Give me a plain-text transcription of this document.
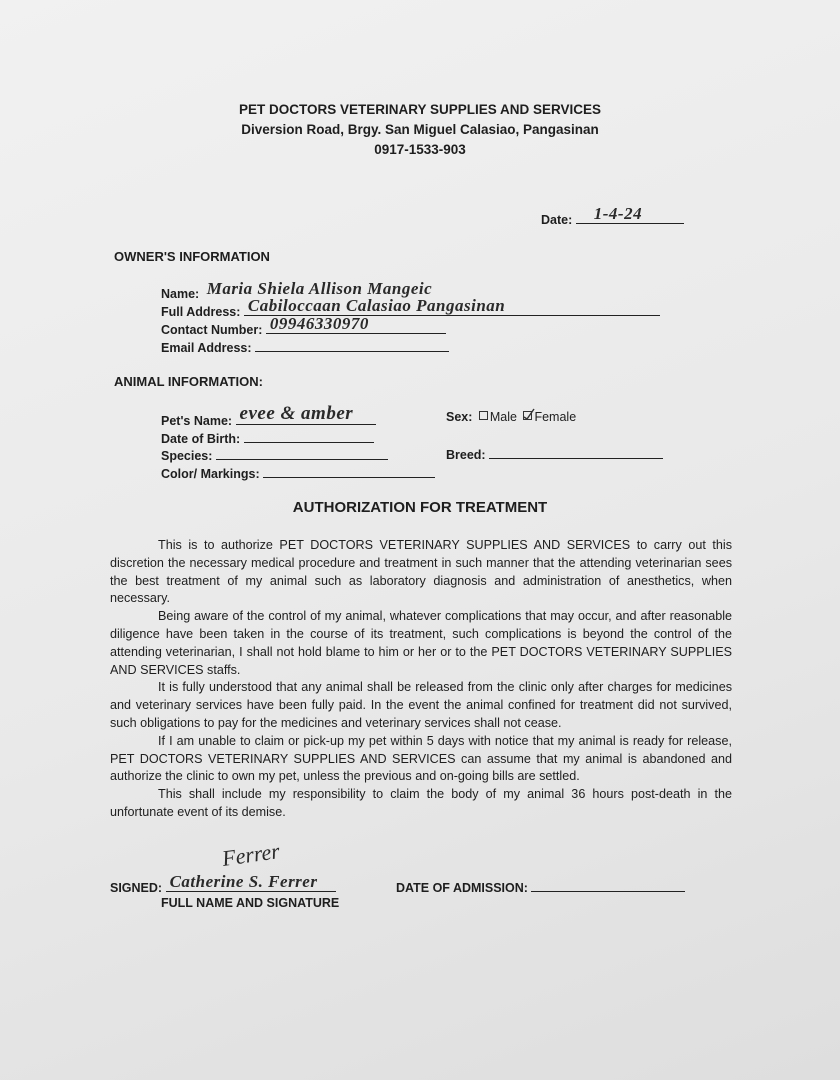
PET DOCTORS VETERINARY SUPPLIES AND SERVICES
Diversion Road, Brgy. San Miguel Calasiao, Pangasinan
0917-1533-903
Date: 1-4-24
OWNER'S INFORMATION
Name: Maria Shiela Allison Mangeic
Full Address: Cabiloccaan Calasiao Pangasinan
Contact Number: 09946330970
Email Address:
ANIMAL INFORMATION:
Pet's Name: evee & amber
Date of Birth:
Species:
Color/ Markings:
Sex: Male Female
Breed:
AUTHORIZATION FOR TREATMENT

This is to authorize PET DOCTORS VETERINARY SUPPLIES AND SERVICES to carry out this discretion the necessary medical procedure and treatment in such manner that the attending veterinarian sees the best treatment of my animal such as laboratory diagnosis and administration of anesthetics, when necessary.

Being aware of the control of my animal, whatever complications that may occur, and after reasonable diligence have been taken in the course of its treatment, such complications is beyond the control of the attending veterinarian, I shall not hold blame to him or her or to the PET DOCTORS VETERINARY SUPPLIES AND SERVICES staffs.

It is fully understood that any animal shall be released from the clinic only after charges for medicines and veterinary services have been fully paid. In the event the animal confined for treatment did not survived, such obligations to pay for the medicines and veterinary services shall not cease.

If I am unable to claim or pick-up my pet within 5 days with notice that my animal is ready for release, PET DOCTORS VETERINARY SUPPLIES AND SERVICES can assume that my animal is abandoned and authorize the clinic to own my pet, unless the previous and on-going bills are settled.

This shall include my responsibility to claim the body of my animal 36 hours post-death in the unfortunate event of its demise.

Ferrer
SIGNED: Catherine S. Ferrer
FULL NAME AND SIGNATURE
DATE OF ADMISSION:
